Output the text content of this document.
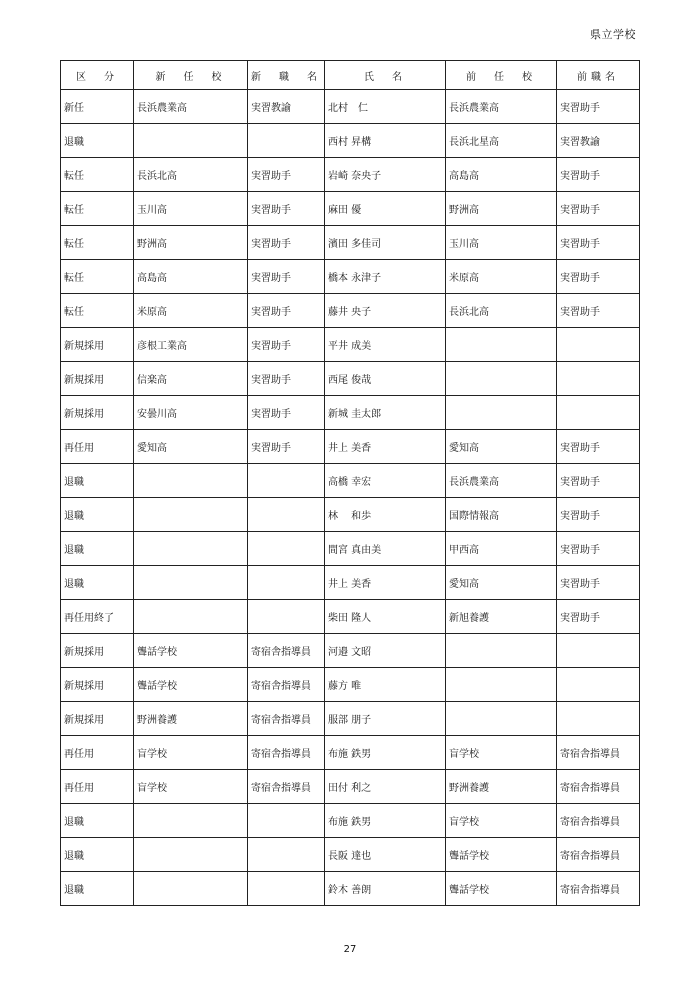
県立学校
区　分	新　任　校	新　職　名	氏　名	前　任　校	前職名
新任	長浜農業高	実習教諭	北村　仁	長浜農業高	実習助手
退職			西村 昇構	長浜北星高	実習教諭
転任	長浜北高	実習助手	岩崎 奈央子	高島高	実習助手
転任	玉川高	実習助手	麻田 優	野洲高	実習助手
転任	野洲高	実習助手	濱田 多佳司	玉川高	実習助手
転任	高島高	実習助手	橋本 永津子	米原高	実習助手
転任	米原高	実習助手	藤井 央子	長浜北高	実習助手
新規採用	彦根工業高	実習助手	平井 成美		
新規採用	信楽高	実習助手	西尾 俊哉		
新規採用	安曇川高	実習助手	新城 圭太郎		
再任用	愛知高	実習助手	井上 美香	愛知高	実習助手
退職			高橋 幸宏	長浜農業高	実習助手
退職			林　 和歩	国際情報高	実習助手
退職			間宮 真由美	甲西高	実習助手
退職			井上 美香	愛知高	実習助手
再任用終了			柴田 隆人	新旭養護	実習助手
新規採用	聾話学校	寄宿舎指導員	河邉 文昭		
新規採用	聾話学校	寄宿舎指導員	藤方 唯		
新規採用	野洲養護	寄宿舎指導員	服部 朋子		
再任用	盲学校	寄宿舎指導員	布施 鉄男	盲学校	寄宿舎指導員
再任用	盲学校	寄宿舎指導員	田付 利之	野洲養護	寄宿舎指導員
退職			布施 鉄男	盲学校	寄宿舎指導員
退職			長阪 達也	聾話学校	寄宿舎指導員
退職			鈴木 善朗	聾話学校	寄宿舎指導員
27
